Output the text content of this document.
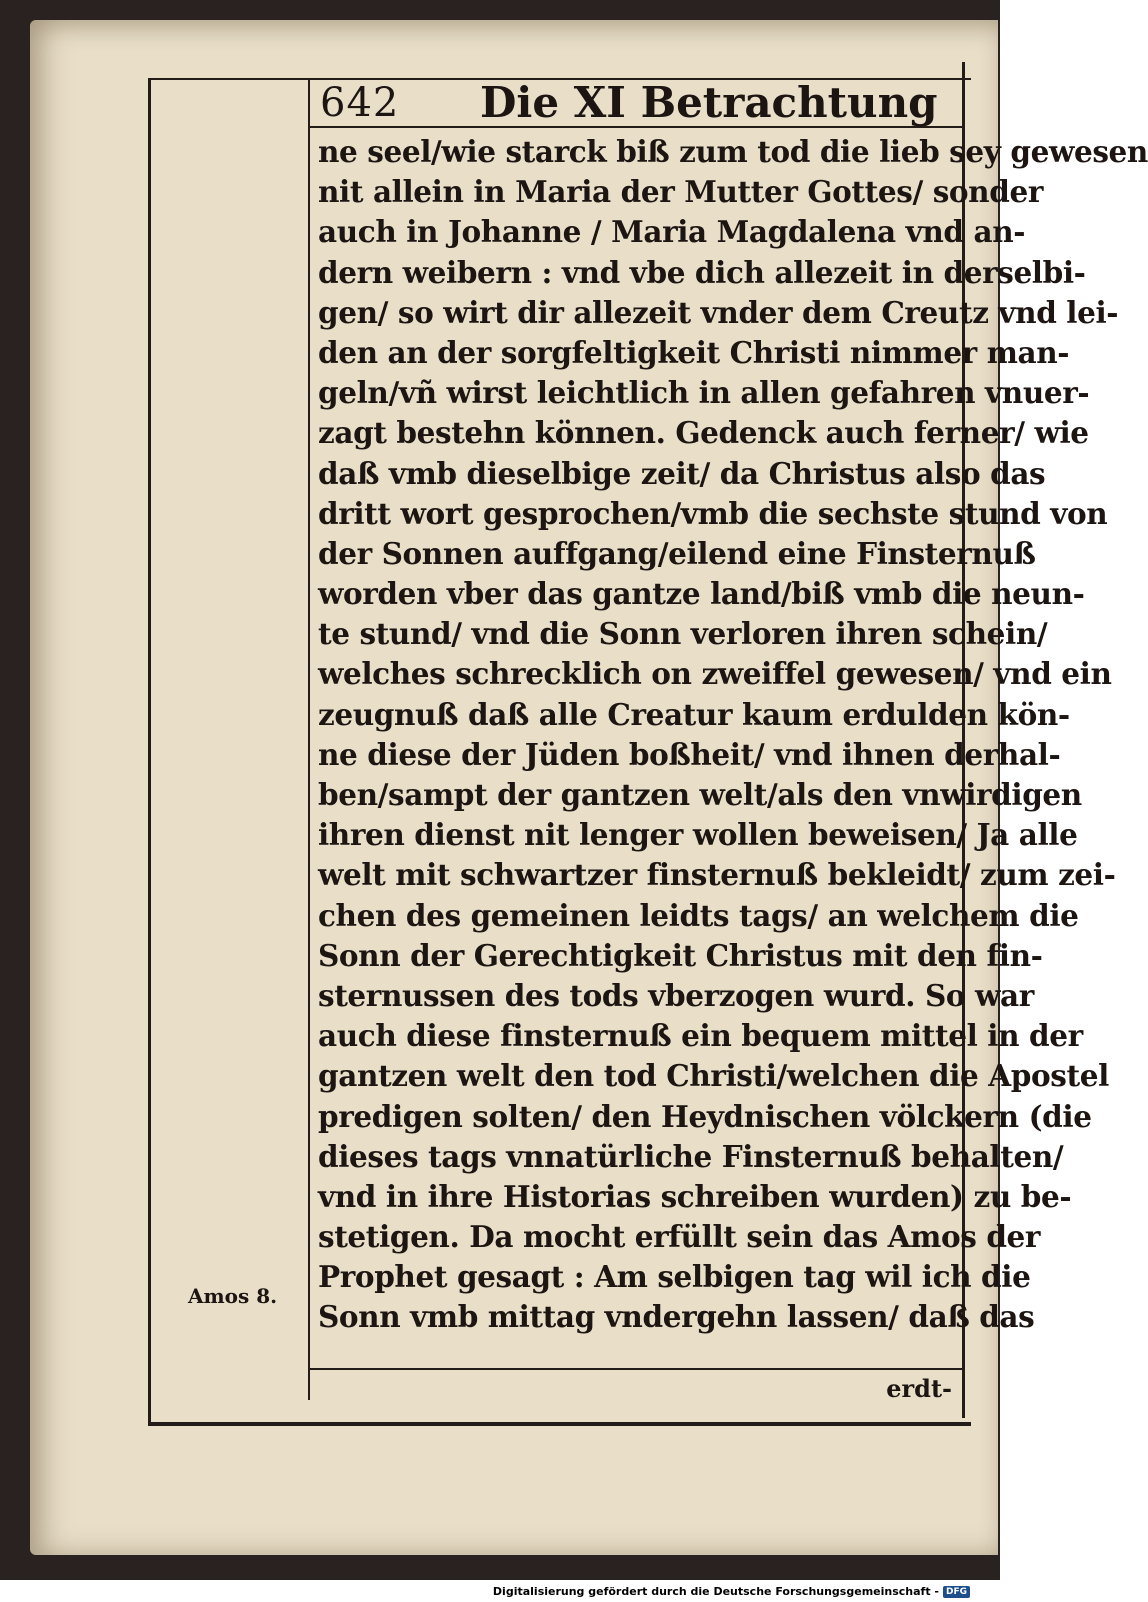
642 Die XI Betrachtung
ne seel/wie starck biß zum tod die lieb sey gewesen
nit allein in Maria der Mutter Gottes/ sonder
auch in Johanne / Maria Magdalena vnd an-
dern weibern : vnd vbe dich allezeit in derselbi-
gen/ so wirt dir allezeit vnder dem Creutz vnd lei-
den an der sorgfeltigkeit Christi nimmer man-
geln/vñ wirst leichtlich in allen gefahren vnuer-
zagt bestehn können. Gedenck auch ferner/ wie
daß vmb dieselbige zeit/ da Christus also das
dritt wort gesprochen/vmb die sechste stund von
der Sonnen auffgang/eilend eine Finsternuß
worden vber das gantze land/biß vmb die neun-
te stund/ vnd die Sonn verloren ihren schein/
welches schrecklich on zweiffel gewesen/ vnd ein
zeugnuß daß alle Creatur kaum erdulden kön-
ne diese der Jüden boßheit/ vnd ihnen derhal-
ben/sampt der gantzen welt/als den vnwirdigen
ihren dienst nit lenger wollen beweisen/ Ja alle
welt mit schwartzer finsternuß bekleidt/ zum zei-
chen des gemeinen leidts tags/ an welchem die
Sonn der Gerechtigkeit Christus mit den fin-
sternussen des tods vberzogen wurd. So war
auch diese finsternuß ein bequem mittel in der
gantzen welt den tod Christi/welchen die Apostel
predigen solten/ den Heydnischen völckern (die
dieses tags vnnatürliche Finsternuß behalten/
vnd in ihre Historias schreiben wurden) zu be-
stetigen. Da mocht erfüllt sein das Amos der
Prophet gesagt : Am selbigen tag wil ich die
Sonn vmb mittag vndergehn lassen/ daß das
Amos 8.
erdt-
Digitalisierung gefördert durch die Deutsche Forschungsgemeinschaft - DFG
